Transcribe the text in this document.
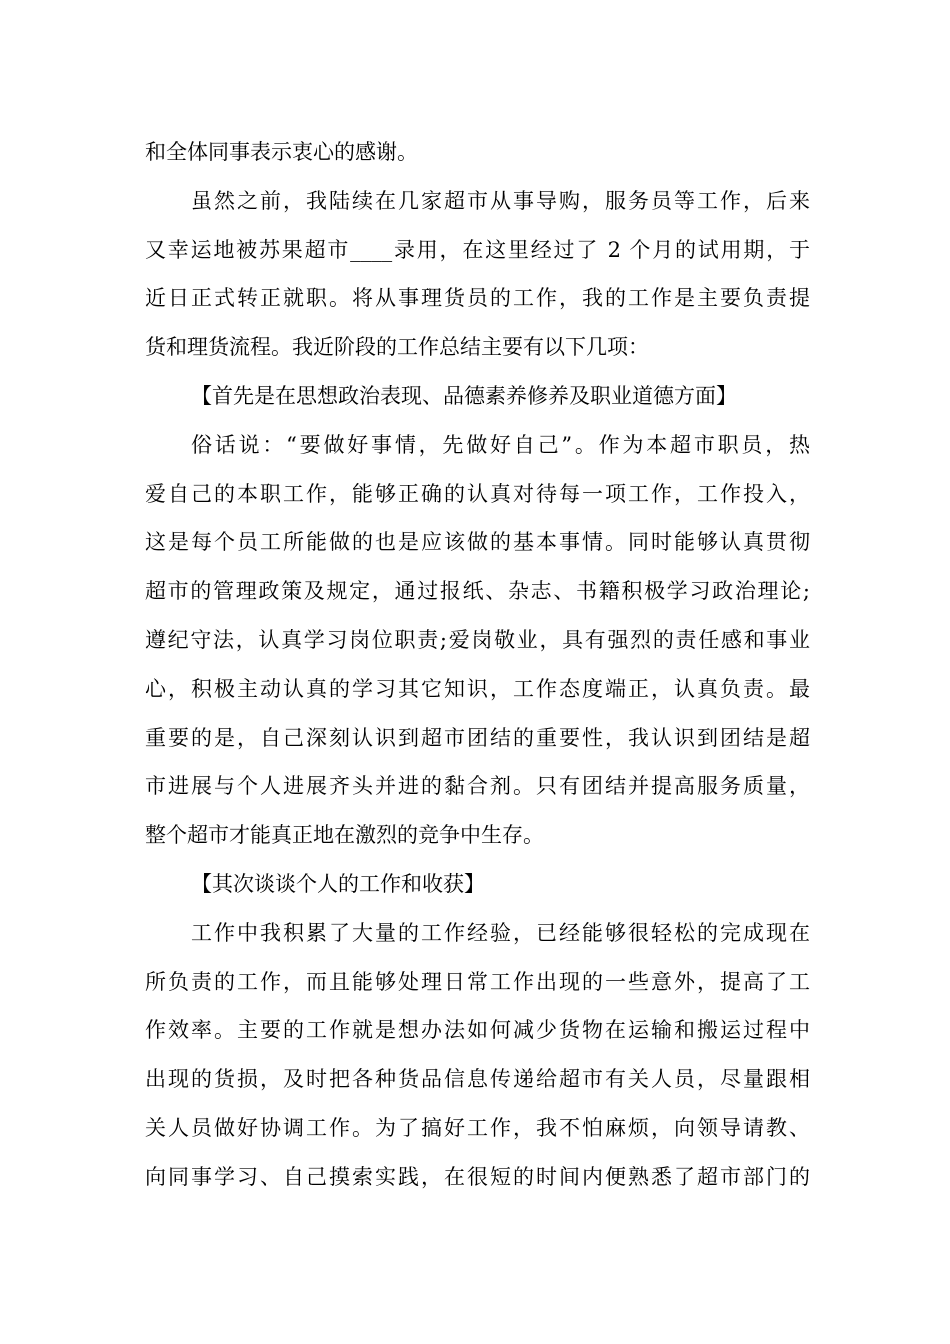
和全体同事表示衷心的感谢。
虽然之前，我陆续在几家超市从事导购，服务员等工作，后来
又幸运地被苏果超市____录用，在这里经过了 2 个月的试用期，于
近日正式转正就职。将从事理货员的工作，我的工作是主要负责提
货和理货流程。我近阶段的工作总结主要有以下几项：
【首先是在思想政治表现、品德素养修养及职业道德方面】
俗话说：“要做好事情，先做好自己”。作为本超市职员，热
爱自己的本职工作，能够正确的认真对待每一项工作，工作投入，
这是每个员工所能做的也是应该做的基本事情。同时能够认真贯彻
超市的管理政策及规定，通过报纸、杂志、书籍积极学习政治理论;
遵纪守法，认真学习岗位职责;爱岗敬业，具有强烈的责任感和事业
心，积极主动认真的学习其它知识，工作态度端正，认真负责。最
重要的是，自己深刻认识到超市团结的重要性，我认识到团结是超
市进展与个人进展齐头并进的黏合剂。只有团结并提高服务质量，
整个超市才能真正地在激烈的竞争中生存。
【其次谈谈个人的工作和收获】
工作中我积累了大量的工作经验，已经能够很轻松的完成现在
所负责的工作，而且能够处理日常工作出现的一些意外，提高了工
作效率。主要的工作就是想办法如何减少货物在运输和搬运过程中
出现的货损，及时把各种货品信息传递给超市有关人员，尽量跟相
关人员做好协调工作。为了搞好工作，我不怕麻烦，向领导请教、
向同事学习、自己摸索实践，在很短的时间内便熟悉了超市部门的
